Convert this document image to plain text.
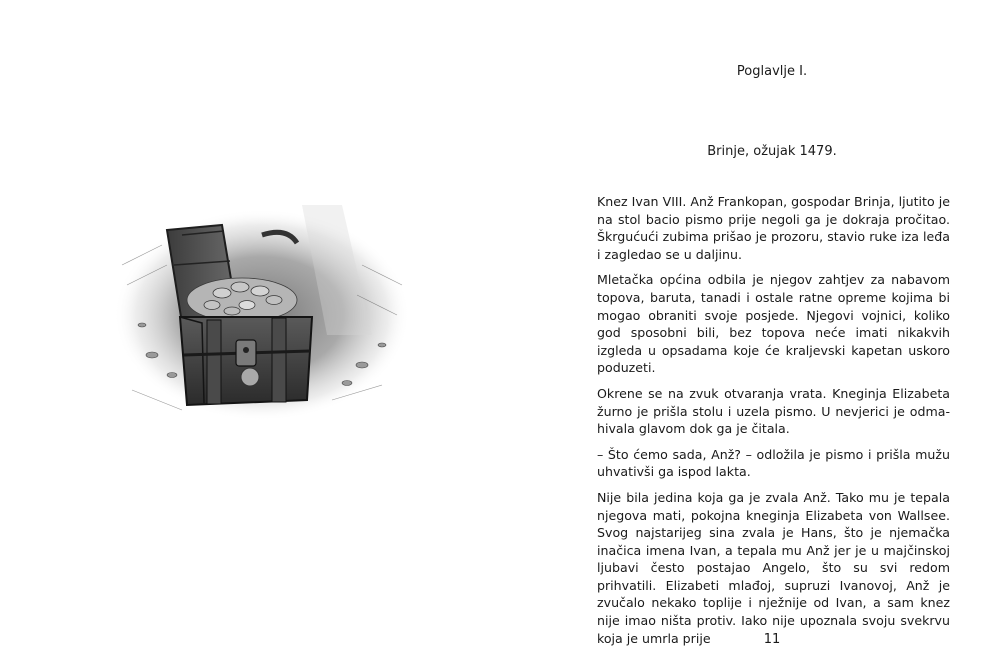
Poglavlje I.
Brinje, ožujak 1479.

Knez Ivan VIII. Anž Frankopan, gospodar Brinja, ljutito je na stol bacio pismo prije negoli ga je dokraja pročitao. Škrgućući zubima prišao je prozoru, stavio ruke iza leđa i zagledao se u daljinu.

Mletačka općina odbila je njegov zahtjev za nabavom topova, baruta, tanadi i ostale ratne opreme kojima bi mogao obraniti svoje posjede. Njegovi vojnici, koliko god sposobni bili, bez topova neće imati nikakvih izgleda u opsadama koje će kraljevski kapetan uskoro poduzeti.

Okrene se na zvuk otvaranja vrata. Kneginja Elizabeta žurno je prišla stolu i uzela pismo. U nevjerici je odmahivala glavom dok ga je čitala.

– Što ćemo sada, Anž? – odložila je pismo i prišla mužu uhvativši ga ispod lakta.

Nije bila jedina koja ga je zvala Anž. Tako mu je tepala njegova mati, pokojna kneginja Elizabeta von Wallsee. Svog najstarijeg sina zvala je Hans, što je njemačka inačica imena Ivan, a tepala mu Anž jer je u majčinskoj ljubavi često postajao Angelo, što su svi redom prihvatili. Elizabeti mlađoj, supruzi Ivanovoj, Anž je zvučalo nekako toplije i nježnije od Ivan, a sam knez nije imao ništa protiv. Iako nije upoznala svoju svekrvu koja je umrla prije	11
